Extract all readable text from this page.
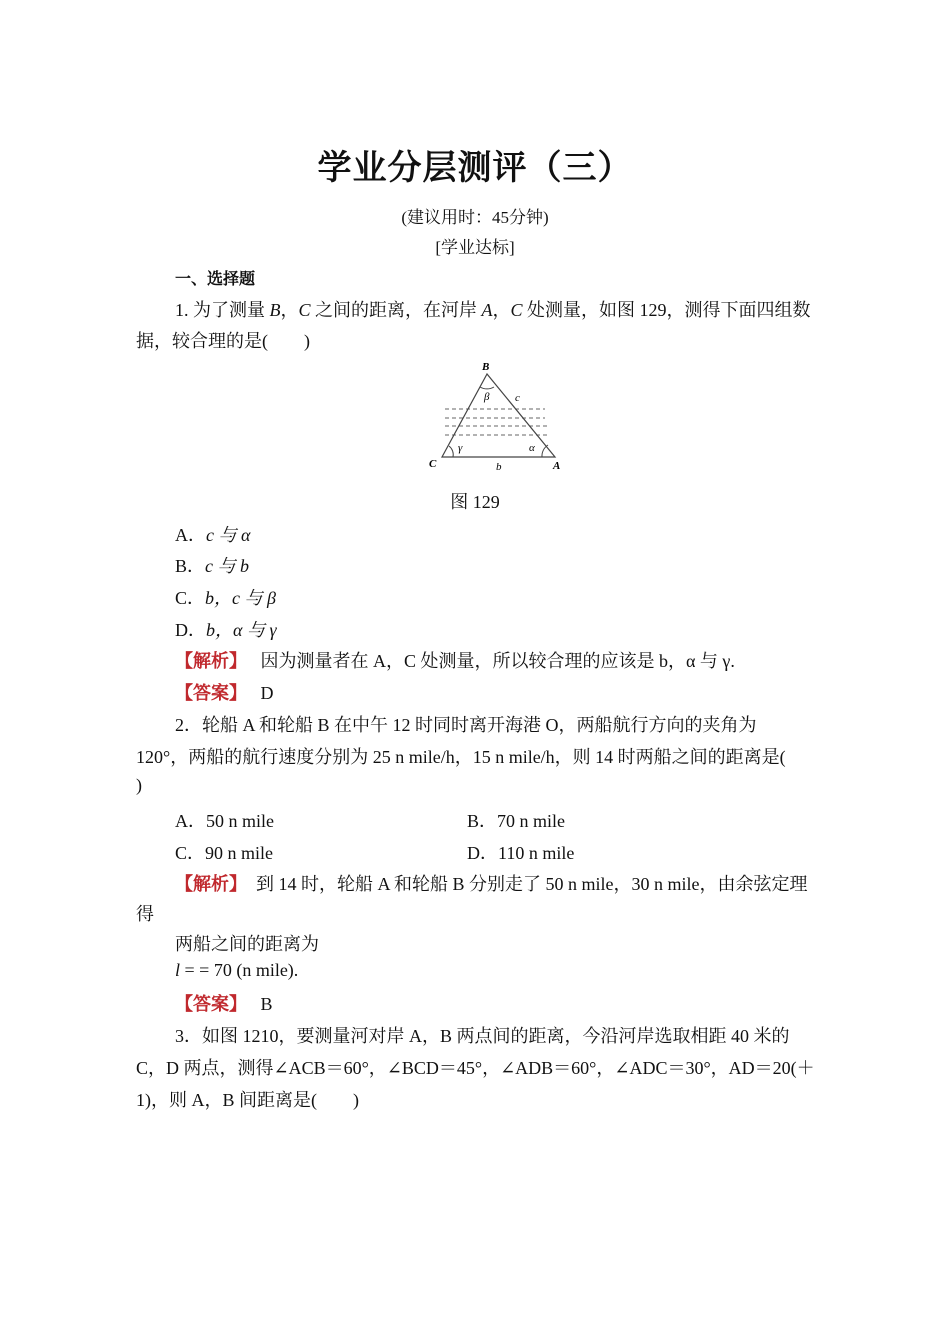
学业分层测评（三）
(建议用时：45分钟)
[学业达标]
一、选择题
1. 为了测量 B，C 之间的距离，在河岸 A，C 处测量，如图 129，测得下面四组数
据，较合理的是(　　)
B
β c
γ	α
C	b	A
图 129
A．c 与 α
B．c 与 b
C．b，c 与 β
D．b，α 与 γ
【解析】 因为测量者在 A，C 处测量，所以较合理的应该是 b，α 与 γ.
【答案】 D
2．轮船 A 和轮船 B 在中午 12 时同时离开海港 O，两船航行方向的夹角为
120°，两船的航行速度分别为 25 n mile/h，15 n mile/h，则 14 时两船之间的距离是(
)
A．50 n mile	B．70 n mile
C．90 n mile	D．110 n mile
【解析】 到 14 时，轮船 A 和轮船 B 分别走了 50 n mile，30 n mile，由余弦定理
得
两船之间的距离为
l = = 70 (n mile).
【答案】 B
3．如图 1210，要测量河对岸 A，B 两点间的距离，今沿河岸选取相距 40 米的
C，D 两点，测得∠ACB＝60°，∠BCD＝45°，∠ADB＝60°，∠ADC＝30°，AD＝20(＋
1)，则 A，B 间距离是(　　)
